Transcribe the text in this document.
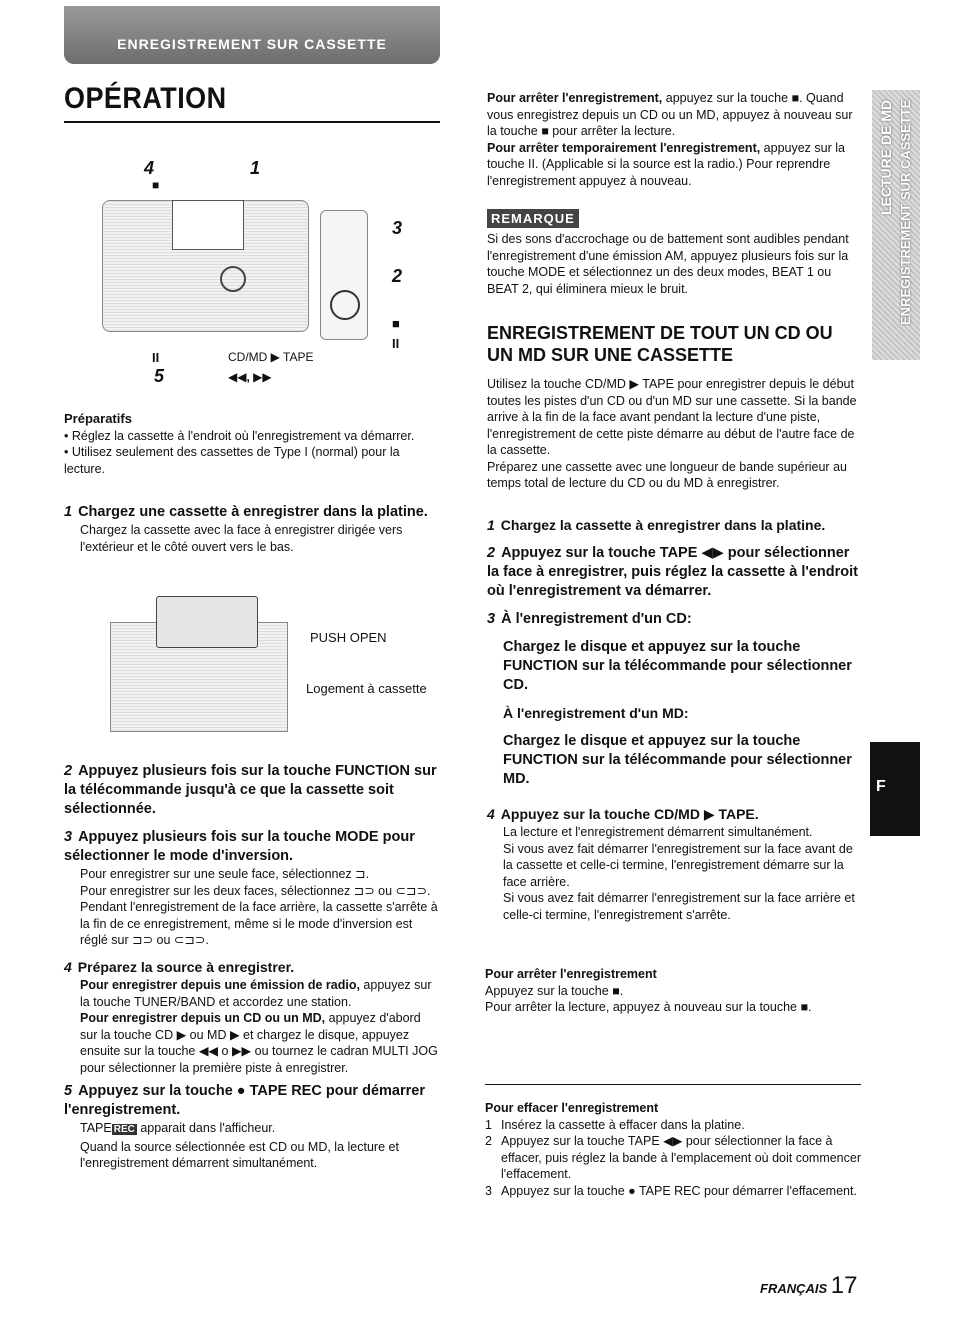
ENREGISTREMENT SUR CASSETTE
OPÉRATION
4
■
1
3
2
■
II
II
5
CD/MD ▶ TAPE
◀◀, ▶▶

Préparatifs

• Réglez la cassette à l'endroit où l'enregistrement va démarrer.

• Utilisez seulement des cassettes de Type I (normal) pour la lecture.

1 Chargez une cassette à enregistrer dans la platine.

Chargez la cassette avec la face à enregistrer dirigée vers l'extérieur et le côté ouvert vers le bas.

PUSH OPEN
Logement à cassette

2 Appuyez plusieurs fois sur la touche FUNCTION sur la télécommande jusqu'à ce que la cassette soit sélectionnée.

3 Appuyez plusieurs fois sur la touche MODE pour sélectionner le mode d'inversion.

Pour enregistrer sur une seule face, sélectionnez ⊐.

Pour enregistrer sur les deux faces, sélectionnez ⊐⊃ ou ⊂⊐⊃.

Pendant l'enregistrement de la face arrière, la cassette s'arrête à la fin de ce enregistrement, même si le mode d'inversion est réglé sur ⊐⊃ ou ⊂⊐⊃.

4 Préparez la source à enregistrer.

Pour enregistrer depuis une émission de radio, appuyez sur la touche TUNER/BAND et accordez une station.

Pour enregistrer depuis un CD ou un MD, appuyez d'abord sur la touche CD ▶ ou MD ▶ et chargez le disque, appuyez ensuite sur la touche ◀◀ o ▶▶ ou tournez le cadran MULTI JOG pour sélectionner la première piste à enregistrer.

5 Appuyez sur la touche ● TAPE REC pour démarrer l'enregistrement.

TAPE REC apparait dans l'afficheur.

Quand la source sélectionnée est CD ou MD, la lecture et l'enregistrement démarrent simultanément.

Pour arrêter l'enregistrement, appuyez sur la touche ■. Quand vous enregistrez depuis un CD ou un MD, appuyez à nouveau sur la touche ■ pour arrêter la lecture.

Pour arrêter temporairement l'enregistrement, appuyez sur la touche II. (Applicable si la source est la radio.) Pour reprendre l'enregistrement appuyez à nouveau.

REMARQUE

Si des sons d'accrochage ou de battement sont audibles pendant l'enregistrement d'une émission AM, appuyez plusieurs fois sur la touche MODE et sélectionnez un des deux modes, BEAT 1 ou BEAT 2, qui éliminera mieux le bruit.

LECTURE DE MD ENREGISTREMENT SUR CASSETTE
F
ENREGISTREMENT DE TOUT UN CD OU UN MD SUR UNE CASSETTE

Utilisez la touche CD/MD ▶ TAPE pour enregistrer depuis le début toutes les pistes d'un CD ou d'un MD sur une cassette. Si la bande arrive à la fin de la face avant pendant la lecture d'une piste, l'enregistrement de cette piste démarre au début de l'autre face de la cassette.

Préparez une cassette avec une longueur de bande supérieur au temps total de lecture du CD ou du MD à enregistrer.

1 Chargez la cassette à enregistrer dans la platine.

2 Appuyez sur la touche TAPE ◀▶ pour sélectionner la face à enregistrer, puis réglez la cassette à l'endroit où l'enregistrement va démarrer.

3 À l'enregistrement d'un CD:

Chargez le disque et appuyez sur la touche FUNCTION sur la télécommande pour sélectionner CD.

À l'enregistrement d'un MD:

Chargez le disque et appuyez sur la touche FUNCTION sur la télécommande pour sélectionner MD.

4 Appuyez sur la touche CD/MD ▶ TAPE.

La lecture et l'enregistrement démarrent simultanément.

Si vous avez fait démarrer l'enregistrement sur la face avant de la cassette et celle-ci termine, l'enregistrement démarre sur la face arrière.

Si vous avez fait démarrer l'enregistrement sur la face arrière et celle-ci termine, l'enregistrement s'arrête.

Pour arrêter l'enregistrement

Appuyez sur la touche ■.

Pour arrêter la lecture, appuyez à nouveau sur la touche ■.

Pour effacer l'enregistrement

1 Insérez la cassette à effacer dans la platine.
2 Appuyez sur la touche TAPE ◀▶ pour sélectionner la face à effacer, puis réglez la bande à l'emplacement où doit commencer l'effacement.
3 Appuyez sur la touche ● TAPE REC pour démarrer l'effacement.
FRANÇAIS 17
